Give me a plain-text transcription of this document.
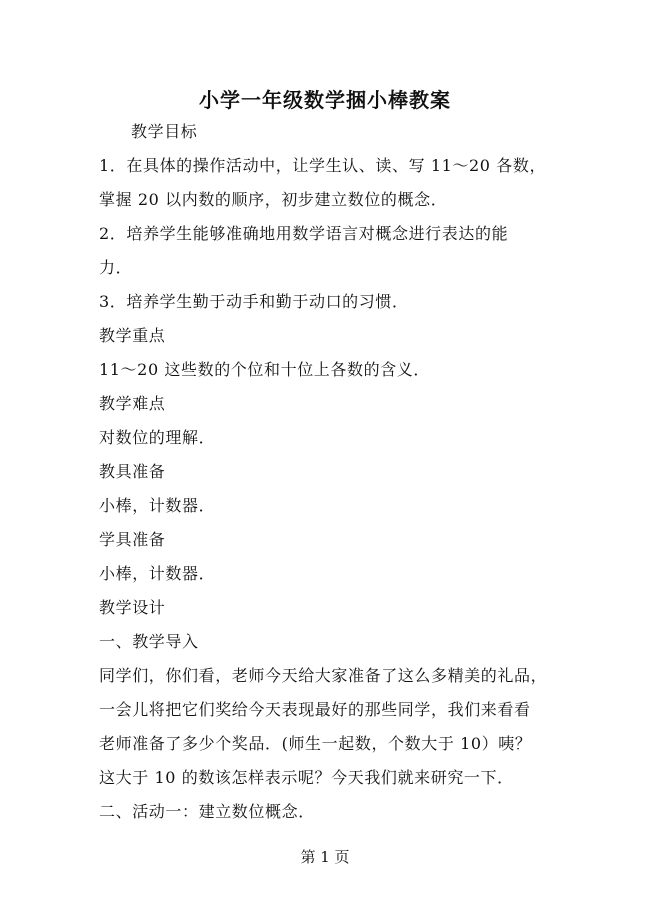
小学一年级数学捆小棒教案
教学目标
1．在具体的操作活动中，让学生认、读、写 11～20 各数，
掌握 20 以内数的顺序，初步建立数位的概念．
2．培养学生能够准确地用数学语言对概念进行表达的能
力．
3．培养学生勤于动手和勤于动口的习惯．
教学重点
11～20 这些数的个位和十位上各数的含义．
教学难点
对数位的理解．
教具准备
小棒，计数器．
学具准备
小棒，计数器．
教学设计
一、教学导入
同学们，你们看，老师今天给大家准备了这么多精美的礼品，
一会儿将把它们奖给今天表现最好的那些同学，我们来看看
老师准备了多少个奖品．(师生一起数，个数大于 10）咦？
这大于 10 的数该怎样表示呢？今天我们就来研究一下．
二、活动一：建立数位概念．
第 1 页
